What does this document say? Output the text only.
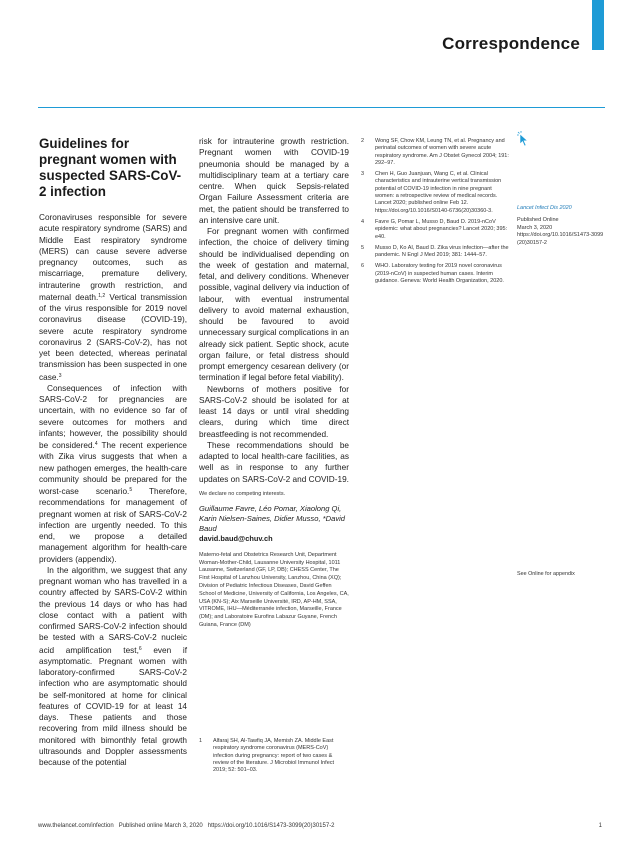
Correspondence
Guidelines for pregnant women with suspected SARS-CoV-2 infection

Coronaviruses responsible for severe acute respiratory syndrome (SARS) and Middle East respiratory syndrome (MERS) can cause severe adverse pregnancy outcomes, such as miscarriage, premature delivery, intrauterine growth restriction, and maternal death.$^{1,2}$ Vertical transmission of the virus responsible for 2019 novel coronavirus disease (COVID-19), severe acute respiratory syndrome coronavirus 2 (SARS-CoV-2), has not yet been detected, whereas perinatal transmission has been suspected in one case.$^3$

Consequences of infection with SARS-CoV-2 for pregnancies are uncertain, with no evidence so far of severe outcomes for mothers and infants; however, the possibility should be considered.$^4$ The recent experience with Zika virus suggests that when a new pathogen emerges, the health-care community should be prepared for the worst-case scenario.$^5$ Therefore, recommendations for management of pregnant women at risk of SARS-CoV-2 infection are urgently needed. To this end, we propose a detailed management algorithm for health-care providers (appendix).

In the algorithm, we suggest that any pregnant woman who has travelled in a country affected by SARS-CoV-2 within the previous 14 days or who has had close contact with a patient with confirmed SARS-CoV-2 infection should be tested with a SARS-CoV-2 nucleic acid amplification test,$^6$ even if asymptomatic. Pregnant women with laboratory-confirmed SARS-CoV-2 infection who are asymptomatic should be self-monitored at home for clinical features of COVID-19 for at least 14 days. These patients and those recovering from mild illness should be monitored with bimonthly fetal growth ultrasounds and Doppler assessments because of the potential

risk for intrauterine growth restriction. Pregnant women with COVID-19 pneumonia should be managed by a multidisciplinary team at a tertiary care centre. When quick Sepsis-related Organ Failure Assessment criteria are met, the patient should be transferred to an intensive care unit.

For pregnant women with confirmed infection, the choice of delivery timing should be individualised depending on the week of gestation and maternal, fetal, and delivery conditions. Whenever possible, vaginal delivery via induction of labour, with eventual instrumental delivery to avoid maternal exhaustion, should be favoured to avoid unnecessary surgical complications in an already sick patient. Septic shock, acute organ failure, or fetal distress should prompt emergency cesarean delivery (or termination if legal before fetal viability).

Newborns of mothers positive for SARS-CoV-2 should be isolated for at least 14 days or until viral shedding clears, during which time direct breastfeeding is not recommended.

These recommendations should be adapted to local health-care facilities, as well as in response to any further updates on SARS-CoV-2 and COVID-19.

We declare no competing interests.
Guillaume Favre, Léo Pomar, Xiaolong Qi, Karin Nielsen-Saines, Didier Musso, *David Baud
david.baud@chuv.ch
Materno-fetal and Obstetrics Research Unit, Department Woman-Mother-Child, Lausanne University Hospital, 1011 Lausanne, Switzerland (GF, LP, DB); CHESS Center, The First Hospital of Lanzhou University, Lanzhou, China (XQ); Division of Pediatric Infectious Diseases, David Geffen School of Medicine, University of California, Los Angeles, CA, USA (KN-S); Aix Marseille Université, IRD, AP-HM, SSA, VITROME, IHU—Méditerranée infection, Marseille, France (DM); and Laboratoire Eurofins Labazur Guyane, French Guiana, France (DM)
1 Alfaraj SH, Al-Tawfiq JA, Memish ZA. Middle East respiratory syndrome coronavirus (MERS-CoV) infection during pregnancy: report of two cases & review of the literature. J Microbiol Immunol Infect 2019; 52: 501–03.
2 Wong SF, Chow KM, Leung TN, et al. Pregnancy and perinatal outcomes of women with severe acute respiratory syndrome. Am J Obstet Gynecol 2004; 191: 292–97.
3 Chen H, Guo Juanjuan, Wang C, et al. Clinical characteristics and intrauterine vertical transmission potential of COVID-19 infection in nine pregnant women: a retrospective review of medical records. Lancet 2020; published online Feb 12. https://doi.org/10.1016/S0140-6736(20)30360-3.
4 Favre G, Pomar L, Musso D, Baud D. 2019-nCoV epidemic: what about pregnancies? Lancet 2020; 395: e40.
5 Musso D, Ko AI, Baud D. Zika virus infection—after the pandemic. N Engl J Med 2019; 381: 1444–57.
6 WHO. Laboratory testing for 2019 novel coronavirus (2019-nCoV) in suspected human cases. Interim guidance. Geneva: World Health Organization, 2020.
Lancet Infect Dis 2020
Published Online
March 3, 2020
https://doi.org/10.1016/S1473-3099(20)30157-2
See Online for appendix
www.thelancet.com/infection   Published online March 3, 2020   https://doi.org/10.1016/S1473-3099(20)30157-2	1
